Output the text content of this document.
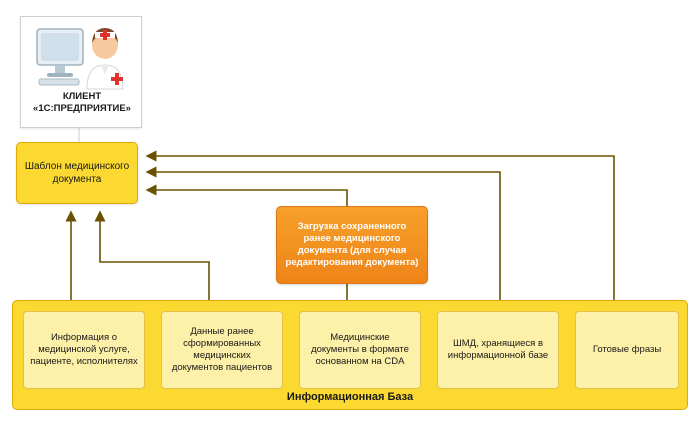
КЛИЕНТ
«1С:ПРЕДПРИЯТИЕ»
Шаблон медицинского документа
Загрузка сохраненного ранее медицинского документа (для случая редактирования документа)
Информация о медицинской услуге, пациенте, исполнителях
Данные ранее сформированных медицинских документов пациентов
Медицинские документы в формате основанном на CDA
ШМД, хранящиеся в информационной базе
Готовые фразы
Информационная База
